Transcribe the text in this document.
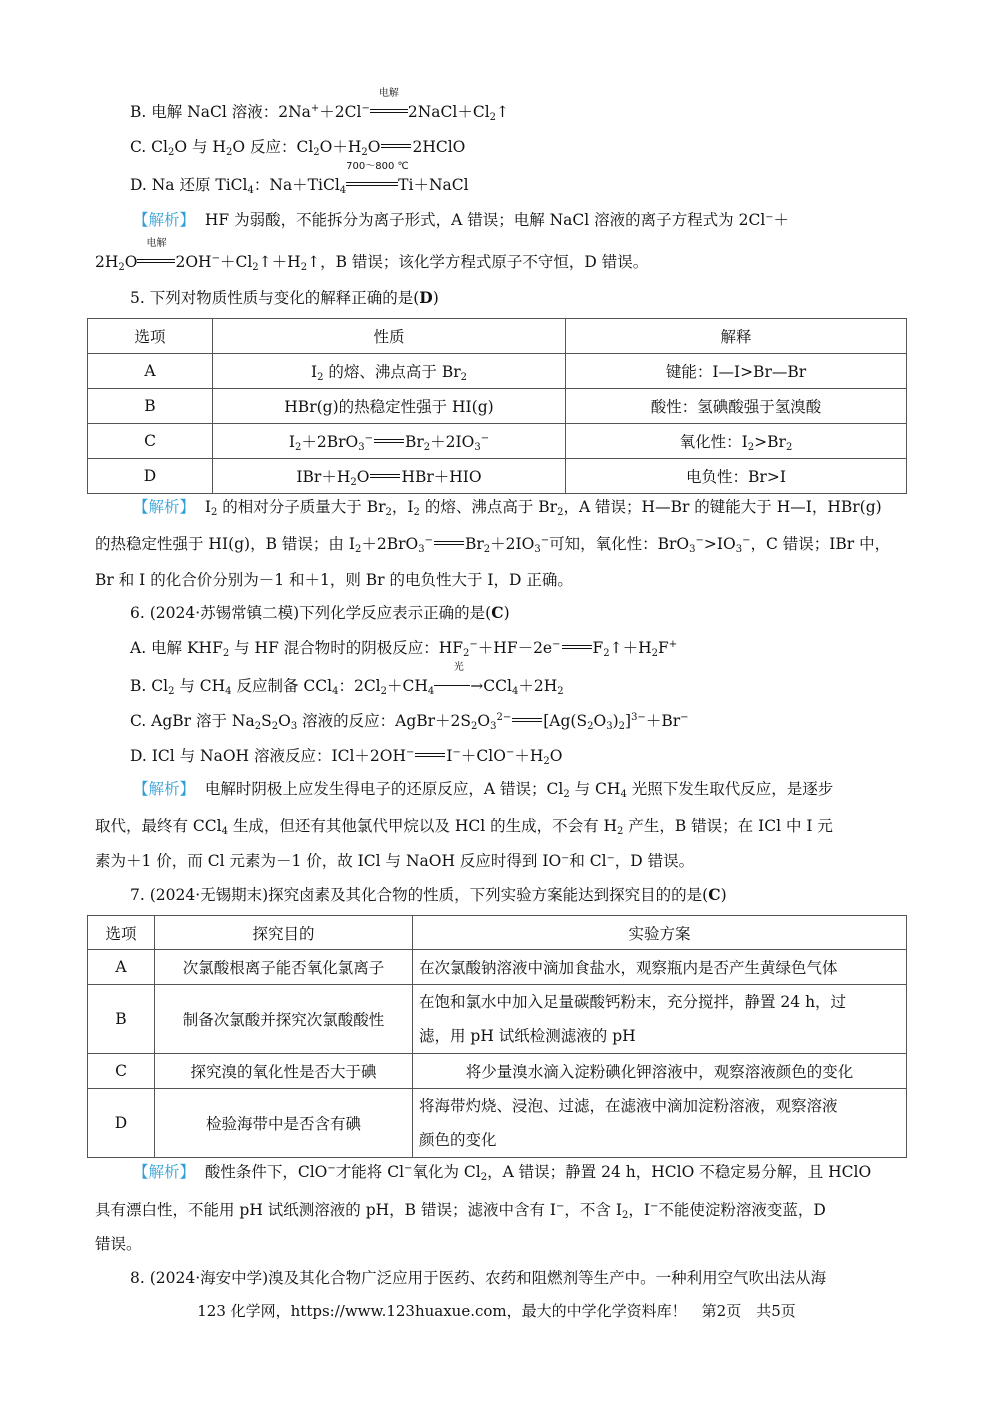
B. 电解 NaCl 溶液：2Na+＋2Cl−
电解
$2NaCl+Cl_2↑$
C. $Cl_2O$ 与 $H_2O$ 反应：$Cl_2O+H_2O$ 2HClO
D. Na 还原 TiCl$_4$：Na＋TiCl$_4$
700～800 ℃
Ti＋NaCl
【解析】 HF 为弱酸，不能拆分为离子形式，A 错误；电解 NaCl 溶液的离子方程式为 2Cl⁻＋
$2H_2O$
电解
$2OH^-+Cl_2↑+H_2↑$，B 错误；该化学方程式原子不守恒，D 错误。
5. 下列对物质性质与变化的解释正确的是(D)
选项	性质	解释
A	$I_2$ 的熔、沸点高于 $Br_2$	键能：I—I>Br—Br
B	HBr(g)的热稳定性强于 HI(g)	酸性：氢碘酸强于氢溴酸
C	$I_2+2BrO_3^-$ $Br_2+2IO_3^-$	氧化性：$I_2>Br_2$
D	$IBr+H_2O$ HBr＋HIO	电负性：Br>I
【解析】  $I_2$ 的相对分子质量大于 $Br_2$，$I_2$ 的熔、沸点高于 $Br_2$，A 错误；H—Br 的键能大于 H—I，HBr(g)
的热稳定性强于 HI(g)，B 错误；由 $I_2+2BrO_3^-$ $Br_2+2IO_3^-$可知，氧化性：$BrO_3^->IO_3^-$，C 错误；IBr 中，
Br 和 I 的化合价分别为－1 和＋1，则 Br 的电负性大于 I，D 正确。
6. (2024·苏锡常镇二模)下列化学反应表示正确的是(C)
A. 电解 $KHF_2$ 与 HF 混合物时的阴极反应：$HF_2^-+HF-2e^-$ $F_2↑+H_2F^+$
B. $Cl_2$ 与 $CH_4$ 反应制备 CCl$_4$：$2Cl_2+CH_4$
光
$\to CCl_4+2H_2$
C. AgBr 溶于 $Na_2S_2O_3$ 溶液的反应：$AgBr+2S_2O_3^{2-}$ $[Ag(S_2O_3)_2]^{3-}+Br^-$
D. ICl 与 NaOH 溶液反应：ICl＋2OH− $I^-+ClO^-+H_2O$
【解析】 电解时阴极上应发生得电子的还原反应，A 错误；$Cl_2$ 与 $CH_4$ 光照下发生取代反应，是逐步
取代，最终有 CCl$_4$ 生成，但还有其他氯代甲烷以及 HCl 的生成，不会有 $H_2$ 产生，B 错误；在 ICl 中 I 元
素为＋1 价，而 Cl 元素为－1 价，故 ICl 与 NaOH 反应时得到 IO⁻和 Cl⁻，D 错误。
7. (2024·无锡期末)探究卤素及其化合物的性质，下列实验方案能达到探究目的的是(C)
选项	探究目的	实验方案
A	次氯酸根离子能否氧化氯离子	在次氯酸钠溶液中滴加食盐水，观察瓶内是否产生黄绿色气体
B	制备次氯酸并探究次氯酸酸性	在饱和氯水中加入足量碳酸钙粉末，充分搅拌，静置 24 h，过
滤，用 pH 试纸检测滤液的 pH

C	探究溴的氧化性是否大于碘	将少量溴水滴入淀粉碘化钾溶液中，观察溶液颜色的变化
D	检验海带中是否含有碘	将海带灼烧、浸泡、过滤，在滤液中滴加淀粉溶液，观察溶液
颜色的变化
【解析】  酸性条件下，ClO−才能将 Cl−氧化为 $Cl_2$，A 错误；静置 24 h，HClO 不稳定易分解，且 HClO
具有漂白性，不能用 pH 试纸测溶液的 pH，B 错误；滤液中含有 I−，不含 $I_2$，I−不能使淀粉溶液变蓝，D
错误。
8. (2024·海安中学)溴及其化合物广泛应用于医药、农药和阻燃剂等生产中。一种利用空气吹出法从海
123 化学网，https://www.123huaxue.com，最大的中学化学资料库！　第2页　共5页
